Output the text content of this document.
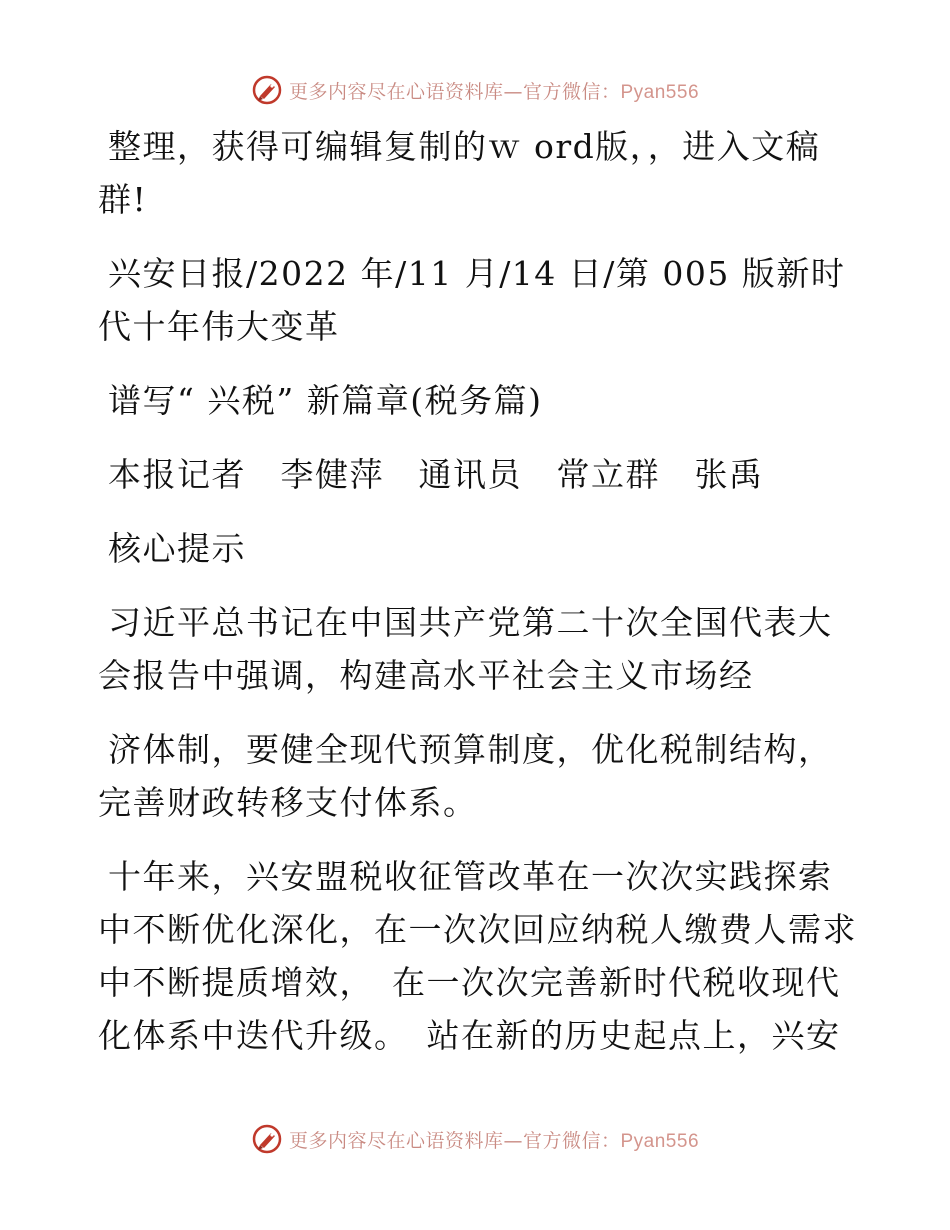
更多内容尽在心语资料库—官方微信：Pyan556
整理，获得可编辑复制的ｗ ord版，，进入文稿
群!
兴安日报/2022 年/11 月/14 日/第 005 版新时
代十年伟大变革
谱写“ 兴税” 新篇章(税务篇)
本报记者　李健萍　通讯员　常立群　张禹
核心提示
习近平总书记在中国共产党第二十次全国代表大
会报告中强调，构建高水平社会主义市场经
济体制，要健全现代预算制度，优化税制结构，
完善财政转移支付体系。
十年来，兴安盟税收征管改革在一次次实践探索
中不断优化深化，在一次次回应纳税人缴费人需求
中不断提质增效，　在一次次完善新时代税收现代
化体系中迭代升级。　站在新的历史起点上，兴安
更多内容尽在心语资料库—官方微信：Pyan556
